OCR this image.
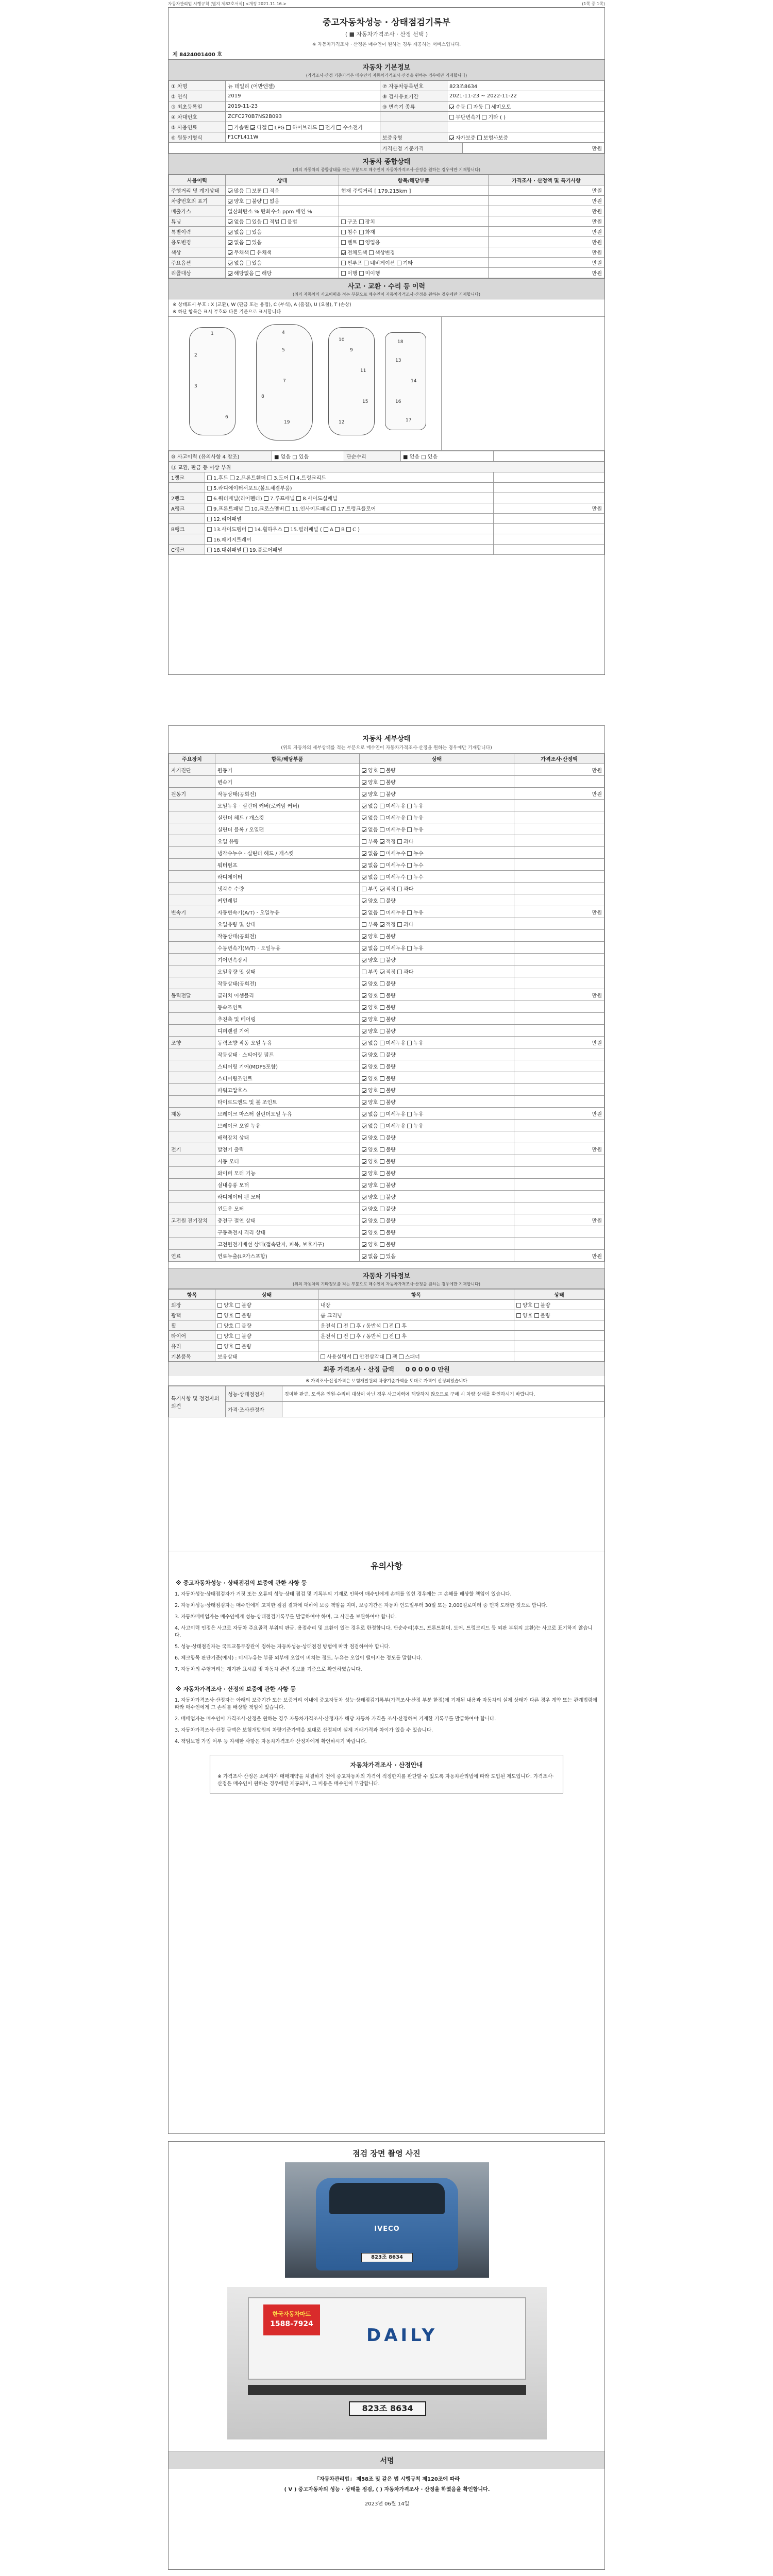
자동차관리법 시행규칙 [별지 제82호서식] <개정 2021.11.16.>	(1쪽 중 1쪽)
중고자동차성능 · 상태점검기록부
( ■ 자동차가격조사 · 산정 선택 )
※ 자동차가격조사 · 산정은 매수인이 원하는 경우 제공하는 서비스입니다.
제 8424001400 호
자동차 기본정보
(가격조사·산정 기준가격은 매수인의 자동차가격조사·산정을 원하는 경우에만 기재합니다)
① 차명	뉴 데일리 (어반엔젤)	⑦ 자동차등록번호	823조8634
② 연식	2019	⑧ 검사유효기간	2021-11-23 ~ 2022-11-22
③ 최초등록일	2019-11-23	⑨ 변속기 종류	수동 자동 세미오토
④ 차대번호	ZCFC270B7NS2B093		무단변속기 기타 ( )
⑤ 사용연료	가솔린 디젤 LPG 하이브리드 전기 수소전기		
⑥ 원동기형식	F1CFL411W	보증유형	자가보증 보험사보증
	가격산정 기준가격	만원
자동차 종합상태
(위의 자동차의 종합상태를 적는 부분으로 매수인이 자동차가격조사·산정을 원하는 경우에만 기재합니다)
사용이력	상태	항목/해당부품	가격조사 · 산정액 및 특기사항
주행거리 및 계기상태	많음 보통 적음	현재 주행거리 [ 179,215km ]	만원
차량번호의 표기	양호 불량 없음		만원
배출가스	일산화탄소 % 탄화수소 ppm 매연 %		만원
튜닝	없음 있음 적법 불법	구조 장치	만원
특별이력	없음 있음	침수 화재	만원
용도변경	없음 있음	렌트 영업용	만원
색상	무채색 유채색	전체도색 색상변경	만원
주요옵션	없음 있음	썬루프 네비게이션 기타	만원
리콜대상	해당없음 해당	이행 미이행	만원
사고 · 교환 · 수리 등 이력
(위의 자동차의 사고이력을 적는 부분으로 매수인이 자동차가격조사·산정을 원하는 경우에만 기재합니다)
※ 상태표시 부호 : X (교환), W (판금 또는 용접), C (부식), A (흠집), U (요철), T (손상)
※ 하단 항목은 표시 부호와 다른 기준으로 표시합니다
1
2
3
4
5
6
7
8
9
10
11
12
13
14
15	16
17
18
19
⑩ 사고이력 (유의사항 4 참조)	■ 없음 □ 있음	단순수리	■ 없음 □ 있음	
⑪ 교환, 판금 등 이상 부위		
1랭크	1.후드 2.프론트휀더 3.도어 4.트렁크리드	
	5.라디에이터서포트(볼트체결부품)	
2랭크	6.쿼터패널(리어펜더) 7.루프패널 8.사이드실패널	
A랭크	9.프론트패널 10.크로스멤버 11.인사이드패널 17.트렁크플로어	만원
	12.리어패널	
B랭크	13.사이드멤버 14.휠하우스 15.필러패널 ( A B C )	
	16.패키지트레이	
C랭크	18.대쉬패널 19.플로어패널	
자동차 세부상태
(위의 자동차의 세부상태를 적는 부분으로 매수인이 자동차가격조사·산정을 원하는 경우에만 기재합니다)
주요장치	항목/해당부품	상태	가격조사·산정액
자기진단	원동기	양호 불량	만원
	변속기	양호 불량	
원동기	작동상태(공회전)	양호 불량	만원
	오일누유 · 실린더 커버(로커암 커버)	없음 미세누유 누유	
	실린더 헤드 / 개스킷	없음 미세누유 누유	
	실린더 블록 / 오일팬	없음 미세누유 누유	
	오일 유량	부족 적정 과다	
	냉각수누수 · 실린더 헤드 / 개스킷	없음 미세누수 누수	
	워터펌프	없음 미세누수 누수	
	라디에이터	없음 미세누수 누수	
	냉각수 수량	부족 적정 과다	
	커먼레일	양호 불량	
변속기	자동변속기(A/T) · 오일누유	없음 미세누유 누유	만원
	오일유량 및 상태	부족 적정 과다	
	작동상태(공회전)	양호 불량	
	수동변속기(M/T) · 오일누유	없음 미세누유 누유	
	기어변속장치	양호 불량	
	오일유량 및 상태	부족 적정 과다	
	작동상태(공회전)	양호 불량	
동력전달	클러치 어셈블리	양호 불량	만원
	등속조인트	양호 불량	
	추진축 및 베어링	양호 불량	
	디퍼렌셜 기어	양호 불량	
조향	동력조향 작동 오일 누유	없음 미세누유 누유	만원
	작동상태 · 스티어링 펌프	양호 불량	
	스티어링 기어(MDPS포함)	양호 불량	
	스티어링조인트	양호 불량	
	파워고압호스	양호 불량	
	타이로드엔드 및 볼 조인트	양호 불량	
제동	브레이크 마스터 실린더오일 누유	없음 미세누유 누유	만원
	브레이크 오일 누유	없음 미세누유 누유	
	배력장치 상태	양호 불량	
전기	발전기 출력	양호 불량	만원
	시동 모터	양호 불량	
	와이퍼 모터 기능	양호 불량	
	실내송풍 모터	양호 불량	
	라디에이터 팬 모터	양호 불량	
	윈도우 모터	양호 불량	
고전원 전기장치	충전구 절연 상태	양호 불량	만원
	구동축전지 격리 상태	양호 불량	
	고전원전기배선 상태(접속단자, 피복, 보호기구)	양호 불량	
연료	연료누출(LP가스포함)	없음 있음	만원
자동차 기타정보
(위의 자동차의 기타정보를 적는 부분으로 매수인이 자동차가격조사·산정을 원하는 경우에만 기재합니다)
항목	상태	항목	상태
외장	양호 불량	내장	양호 불량
광택	양호 불량	룸 크리닝	양호 불량
휠	양호 불량	운전석 전 후 / 동반석 전 후	
타이어	양호 불량	운전석 전 후 / 동반석 전 후	
유리	양호 불량		
기본품목	보유상태	사용설명서 안전삼각대 잭 스패너	
최종 가격조사 · 산정 금액 0 0 0 0 0 만원
※ 가격조사·산정가격은 보험개발원의 차량기준가액을 토대로 가격이 산정되었습니다
특기사항 및 점검자의 의견	성능·상태점검자	경미한 판금, 도색은 인원·수리비 대상이 아닌 경우 사고이력에 해당하지 않으므로 구매 시 차량 상태를 확인하시기 바랍니다.
	가격·조사산정자	
유의사항
※ 중고자동차성능 · 상태점검의 보증에 관한 사항 등

1. 자동차성능·상태점검자가 거짓 또는 오류의 성능·상태 점검 및 기록부의 기재로 인하여 매수인에게 손해를 입힌 경우에는 그 손해를 배상할 책임이 있습니다.

2. 자동차성능·상태점검자는 매수인에게 고지한 점검 결과에 대하여 보증 책임을 지며, 보증기간은 자동차 인도일부터 30일 또는 2,000킬로미터 중 먼저 도래한 것으로 합니다.

3. 자동차매매업자는 매수인에게 성능·상태점검기록부를 발급하여야 하며, 그 사본을 보관하여야 합니다.

4. 사고이력 인정은 사고로 자동차 주요골격 부위의 판금, 용접수리 및 교환이 있는 경우로 한정합니다. 단순수리(후드, 프론트휀더, 도어, 트렁크리드 등 외판 부위의 교환)는 사고로 표기하지 않습니다.

5. 성능·상태점검자는 국토교통부장관이 정하는 자동차성능·상태점검 방법에 따라 점검하여야 합니다.

6. 체크항목 판단기준(예시) : 미세누유는 부품 외부에 오일이 비치는 정도, 누유는 오일이 떨어지는 정도를 말합니다.

7. 자동차의 주행거리는 계기판 표시값 및 자동차 관련 정보를 기준으로 확인하였습니다.

※ 자동차가격조사 · 산정의 보증에 관한 사항 등

1. 자동차가격조사·산정자는 아래의 보증기간 또는 보증거리 이내에 중고자동차 성능·상태점검기록부(가격조사·산정 부분 한정)에 기재된 내용과 자동차의 실제 상태가 다른 경우 계약 또는 관계법령에 따라 매수인에게 그 손해를 배상할 책임이 있습니다.

2. 매매업자는 매수인이 가격조사·산정을 원하는 경우 자동차가격조사·산정자가 해당 자동차 가격을 조사·산정하여 기재한 기록부를 발급하여야 합니다.

3. 자동차가격조사·산정 금액은 보험개발원의 차량기준가액을 토대로 산정되며 실제 거래가격과 차이가 있을 수 있습니다.

4. 책임보험 가입 여부 등 자세한 사항은 자동차가격조사·산정자에게 확인하시기 바랍니다.

자동차가격조사 · 산정안내
※ 가격조사·산정은 소비자가 매매계약을 체결하기 전에 중고자동차의 가격이 적정한지를 판단할 수 있도록 자동차관리법에 따라 도입된 제도입니다. 가격조사·산정은 매수인이 원하는 경우에만 제공되며, 그 비용은 매수인이 부담합니다.
점검 장면 촬영 사진
IVECO
823조 8634
한국자동차마트
1588-7924
DAILY
823조 8634
서명
「자동차관리법」 제58조 및 같은 법 시행규칙 제120조에 따라
( V ) 중고자동차의 성능 · 상태를 점검, ( ) 자동차가격조사 · 산정을 하였음을 확인합니다.
2023년 06월 14일
